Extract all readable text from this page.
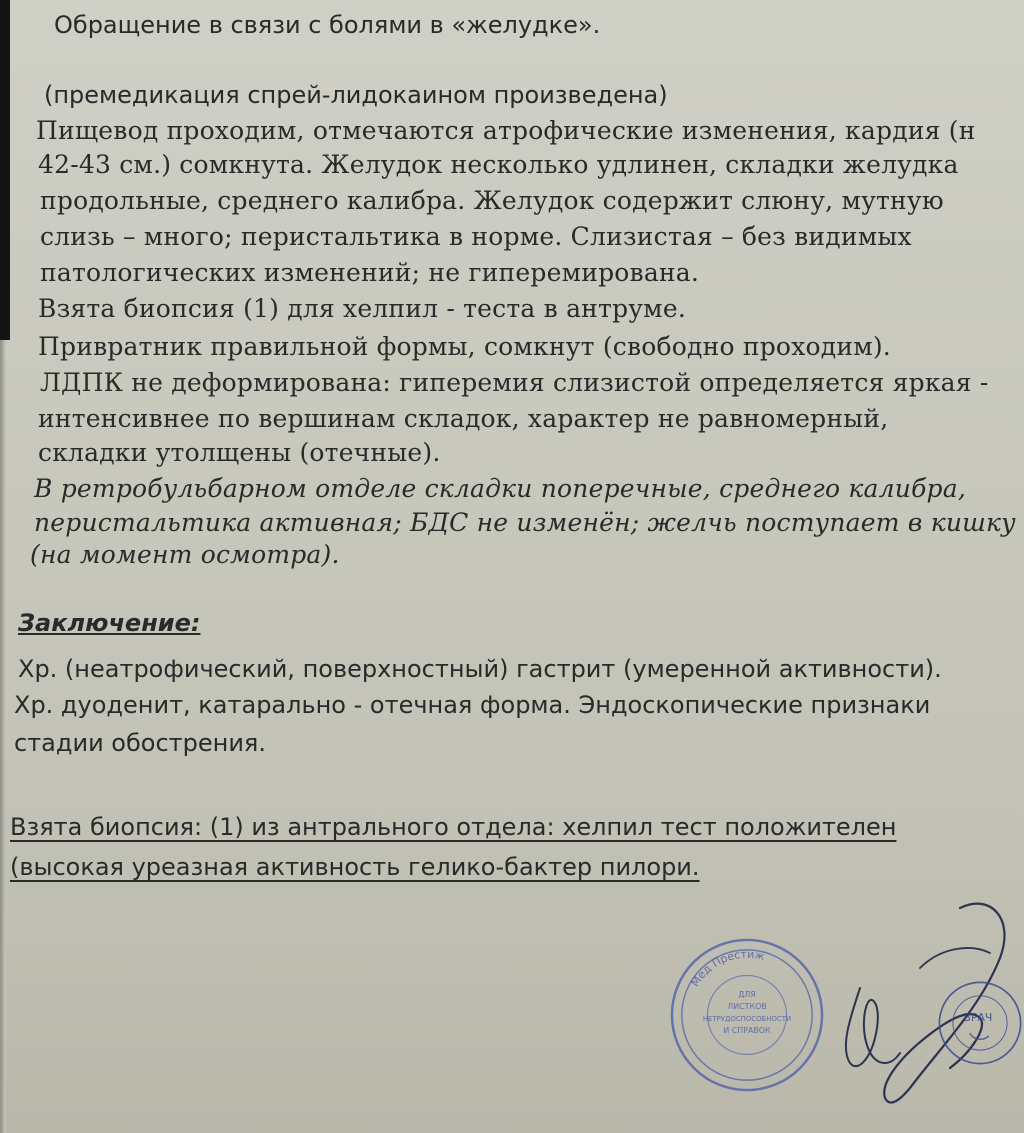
Обращение в связи с болями в «желудке».
(премедикация спрей-лидокаином произведена)
Пищевод проходим, отмечаются атрофические изменения, кардия (н
42-43 см.) сомкнута. Желудок несколько удлинен, складки желудка
продольные, среднего калибра. Желудок содержит слюну, мутную
слизь – много; перистальтика в норме. Слизистая – без видимых
патологических изменений; не гиперемирована.
Взята биопсия (1) для хелпил - теста в антруме.
Привратник правильной формы, сомкнут (свободно проходим).
ЛДПК не деформирована: гиперемия слизистой определяется яркая -
интенсивнее по вершинам складок, характер не равномерный,
складки утолщены (отечные).
В ретробульбарном отделе складки поперечные, среднего калибра,
перистальтика активная; БДС не изменён; желчь поступает в кишку
(на момент осмотра).
Заключение:
Хр. (неатрофический, поверхностный) гастрит (умеренной активности).
Хр. дуоденит, катарально - отечная форма. Эндоскопические признаки
стадии обострения.
Взята биопсия: (1) из антрального отдела: хелпил тест положителен
(высокая уреазная активность гелико-бактер пилори.
Мед Престиж
ДЛЯ
ЛИСТКОВ
НЕТРУДОСПОСОБНОСТИ
И СПРАВОК
ВРАЧ
